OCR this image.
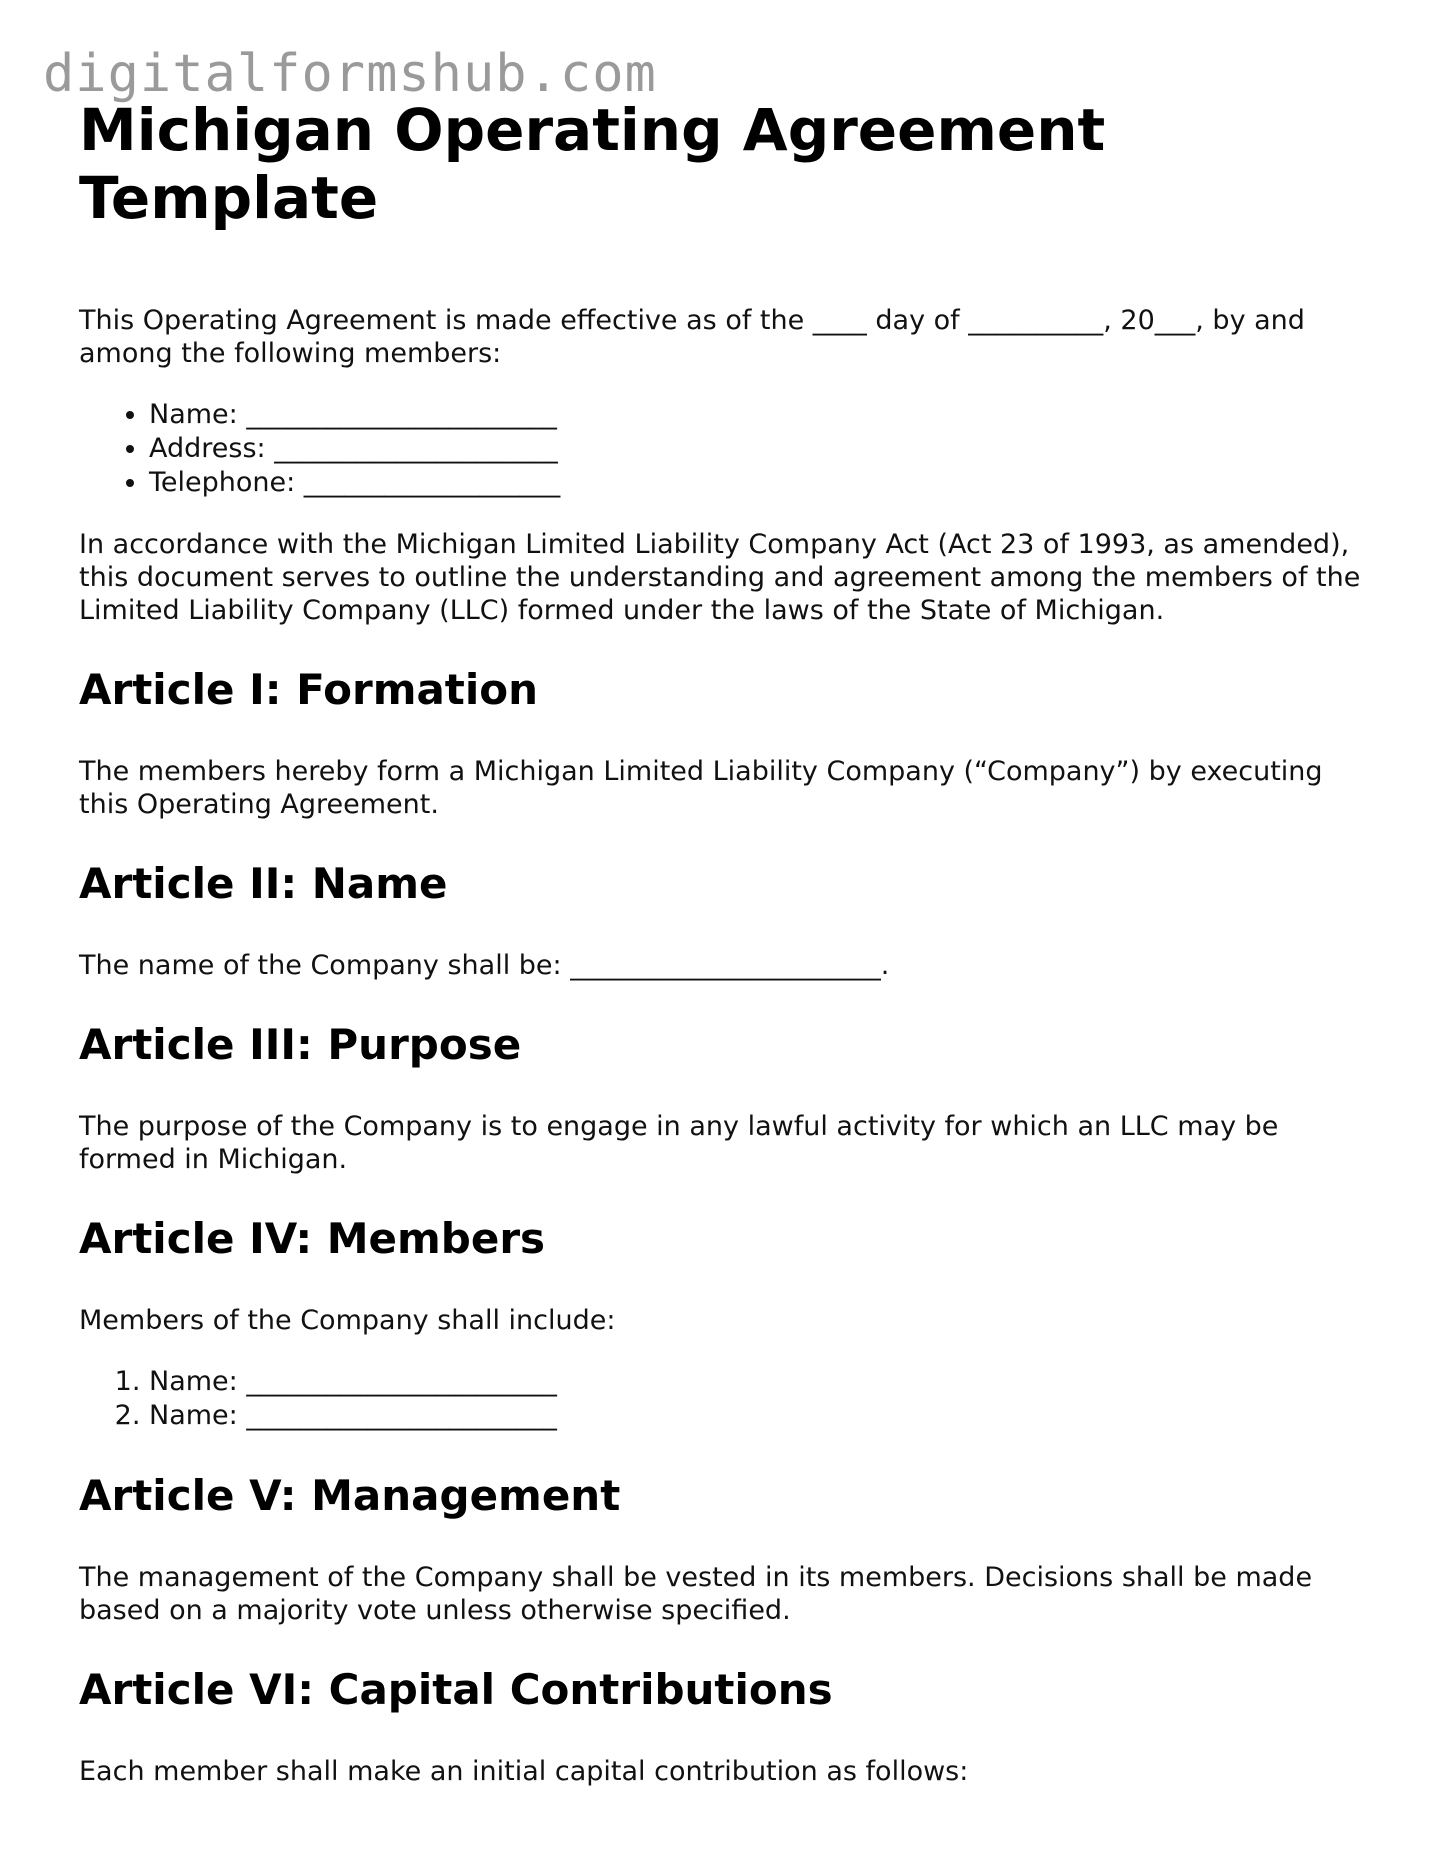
digitalformshub.com
Michigan Operating Agreement Template

This Operating Agreement is made effective as of the ____ day of __________, 20___, by and among the following members:

• Name: _______________________
• Address: _____________________
• Telephone: ___________________

In accordance with the Michigan Limited Liability Company Act (Act 23 of 1993, as amended), this document serves to outline the understanding and agreement among the members of the Limited Liability Company (LLC) formed under the laws of the State of Michigan.

Article I: Formation

The members hereby form a Michigan Limited Liability Company (“Company”) by executing this Operating Agreement.

Article II: Name

The name of the Company shall be: _______________________.

Article III: Purpose

The purpose of the Company is to engage in any lawful activity for which an LLC may be formed in Michigan.

Article IV: Members

Members of the Company shall include:

1. Name: _______________________
2. Name: _______________________
Article V: Management

The management of the Company shall be vested in its members. Decisions shall be made based on a majority vote unless otherwise specified.

Article VI: Capital Contributions

Each member shall make an initial capital contribution as follows:
